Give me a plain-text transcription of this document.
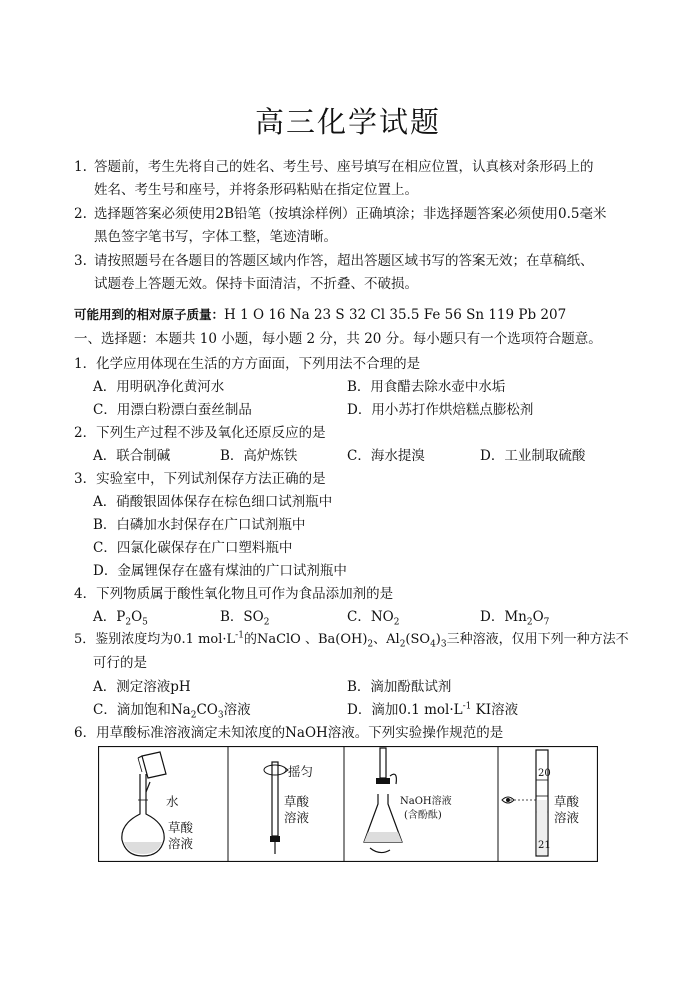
高三化学试题
1. 答题前，考生先将自己的姓名、考生号、座号填写在相应位置，认真核对条形码上的
姓名、考生号和座号，并将条形码粘贴在指定位置上。
2. 选择题答案必须使用2B铅笔（按填涂样例）正确填涂；非选择题答案必须使用0.5毫米
黑色签字笔书写，字体工整，笔迹清晰。
3. 请按照题号在各题目的答题区域内作答，超出答题区域书写的答案无效；在草稿纸、
试题卷上答题无效。保持卡面清洁，不折叠、不破损。
可能用到的相对原子质量：H 1 O 16 Na 23 S 32 Cl 35.5 Fe 56 Sn 119 Pb 207
一、选择题：本题共 10 小题，每小题 2 分，共 20 分。每小题只有一个选项符合题意。
1．化学应用体现在生活的方方面面，下列用法不合理的是
A．用明矾净化黄河水	B．用食醋去除水壶中水垢
C．用漂白粉漂白蚕丝制品	D．用小苏打作烘焙糕点膨松剂
2．下列生产过程不涉及氧化还原反应的是
A．联合制碱	B．高炉炼铁	C．海水提溴	D．工业制取硫酸
3．实验室中，下列试剂保存方法正确的是
A．硝酸银固体保存在棕色细口试剂瓶中
B．白磷加水封保存在广口试剂瓶中
C．四氯化碳保存在广口塑料瓶中
D．金属锂保存在盛有煤油的广口试剂瓶中
4．下列物质属于酸性氧化物且可作为食品添加剂的是
A．$P_2O_5$	B．$SO_2$	C．$NO_2$	D．$Mn_2O_7$
5．鉴别浓度均为0.1 $mol\cdot L^{-1}$的NaClO 、$Ba(OH)_2$、$Al_2(SO_4)_3$三种溶液，仅用下列一种方法不
可行的是
A．测定溶液pH	B．滴加酚酞试剂
C．滴加饱和$Na_2CO_3$溶液	D．滴加0.1 $mol\cdot L^{-1}$ KI溶液
6．用草酸标准溶液滴定未知浓度的NaOH溶液。下列实验操作规范的是
水
草酸
溶液
摇匀
草酸
溶液
NaOH溶液
(含酚酞)
20
21
草酸
溶液
